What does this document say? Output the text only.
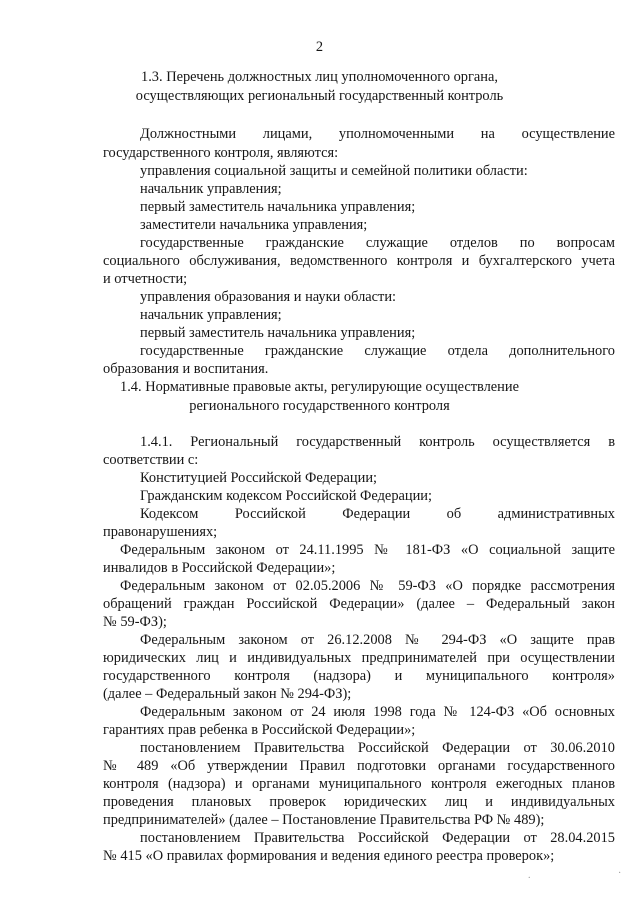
2
1.3. Перечень должностных лиц уполномоченного органа,
осуществляющих региональный государственный контроль
Должностными лицами, уполномоченными на осуществление
государственного контроля, являются:
управления социальной защиты и семейной политики области:
начальник управления;
первый заместитель начальника управления;
заместители начальника управления;
государственные гражданские служащие отделов по вопросам
социального обслуживания, ведомственного контроля и бухгалтерского учета
и отчетности;
управления образования и науки области:
начальник управления;
первый заместитель начальника управления;
государственные гражданские служащие отдела дополнительного
образования и воспитания.
1.4. Нормативные правовые акты, регулирующие осуществление
регионального государственного контроля
1.4.1. Региональный государственный контроль осуществляется в
соответствии с:
Конституцией Российской Федерации;
Гражданским кодексом Российской Федерации;
Кодексом Российской Федерации об административных
правонарушениях;
Федеральным законом от 24.11.1995 № 181-ФЗ «О социальной защите
инвалидов в Российской Федерации»;
Федеральным законом от 02.05.2006 № 59-ФЗ «О порядке рассмотрения
обращений граждан Российской Федерации» (далее – Федеральный закон
№ 59-ФЗ);
Федеральным законом от 26.12.2008 № 294-ФЗ «О защите прав
юридических лиц и индивидуальных предпринимателей при осуществлении
государственного контроля (надзора) и муниципального контроля»
(далее – Федеральный закон № 294-ФЗ);
Федеральным законом от 24 июля 1998 года № 124-ФЗ «Об основных
гарантиях прав ребенка в Российской Федерации»;
постановлением Правительства Российской Федерации от 30.06.2010
№ 489 «Об утверждении Правил подготовки органами государственного
контроля (надзора) и органами муниципального контроля ежегодных планов
проведения плановых проверок юридических лиц и индивидуальных
предпринимателей» (далее – Постановление Правительства РФ № 489);
постановлением Правительства Российской Федерации от 28.04.2015
№ 415 «О правилах формирования и ведения единого реестра проверок»;
.	·
